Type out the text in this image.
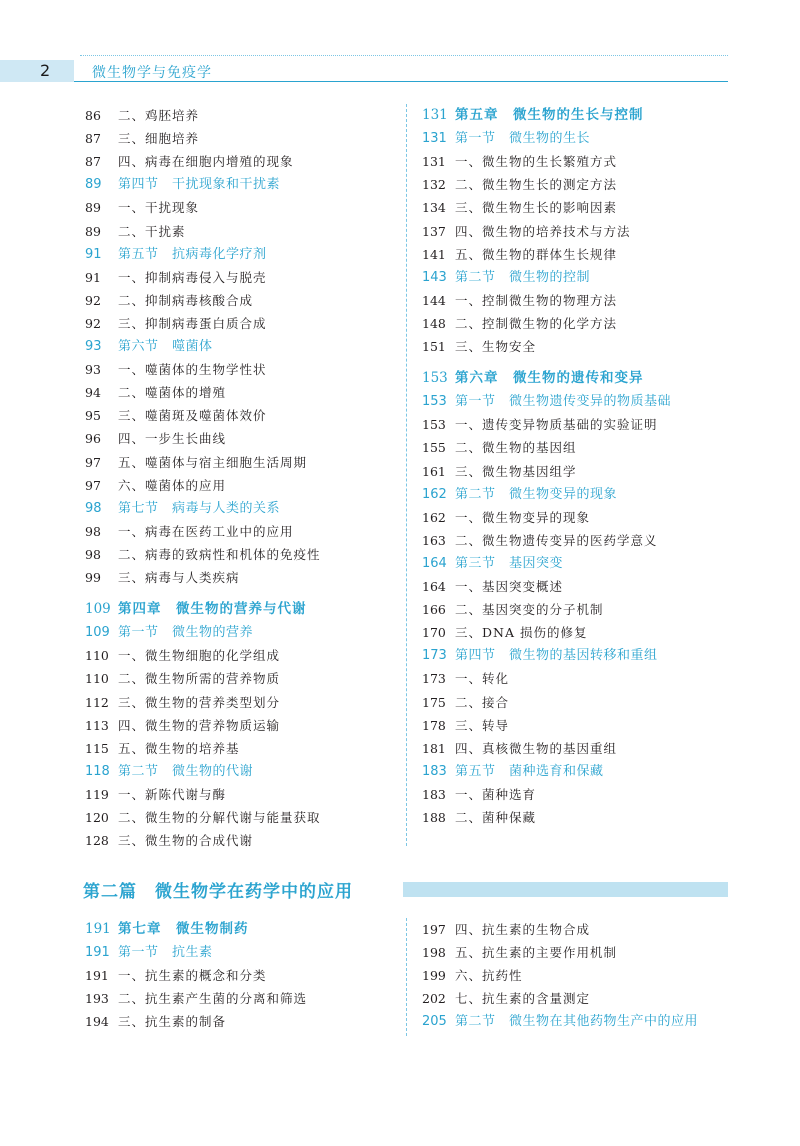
2	微生物学与免疫学
86	二、鸡胚培养
87	三、细胞培养
87	四、病毒在细胞内增殖的现象
89	第四节　干扰现象和干扰素
89	一、干扰现象
89	二、干扰素
91	第五节　抗病毒化学疗剂
91	一、抑制病毒侵入与脱壳
92	二、抑制病毒核酸合成
92	三、抑制病毒蛋白质合成
93	第六节　噬菌体
93	一、噬菌体的生物学性状
94	二、噬菌体的增殖
95	三、噬菌斑及噬菌体效价
96	四、一步生长曲线
97	五、噬菌体与宿主细胞生活周期
97	六、噬菌体的应用
98	第七节　病毒与人类的关系
98	一、病毒在医药工业中的应用
98	二、病毒的致病性和机体的免疫性
99	三、病毒与人类疾病
109 第四章　微生物的营养与代谢
109 第一节　微生物的营养
110 一、微生物细胞的化学组成
110 二、微生物所需的营养物质
112 三、微生物的营养类型划分
113 四、微生物的营养物质运输
115 五、微生物的培养基
118 第二节　微生物的代谢
119 一、新陈代谢与酶
120 二、微生物的分解代谢与能量获取
128 三、微生物的合成代谢
131 第五章　微生物的生长与控制
131 第一节　微生物的生长
131 一、微生物的生长繁殖方式
132 二、微生物生长的测定方法
134 三、微生物生长的影响因素
137 四、微生物的培养技术与方法
141 五、微生物的群体生长规律
143 第二节　微生物的控制
144 一、控制微生物的物理方法
148 二、控制微生物的化学方法
151 三、生物安全
153 第六章　微生物的遗传和变异
153 第一节　微生物遗传变异的物质基础
153 一、遗传变异物质基础的实验证明
155 二、微生物的基因组
161 三、微生物基因组学
162 第二节　微生物变异的现象
162 一、微生物变异的现象
163 二、微生物遗传变异的医药学意义
164 第三节　基因突变
164 一、基因突变概述
166 二、基因突变的分子机制
170 三、DNA 损伤的修复
173 第四节　微生物的基因转移和重组
173 一、转化
175 二、接合
178 三、转导
181 四、真核微生物的基因重组
183 第五节　菌种选育和保藏
183 一、菌种选育
188 二、菌种保藏
第二篇　微生物学在药学中的应用
191 第七章　微生物制药
191 第一节　抗生素
191 一、抗生素的概念和分类
193 二、抗生素产生菌的分离和筛选
194 三、抗生素的制备
197 四、抗生素的生物合成
198 五、抗生素的主要作用机制
199 六、抗药性
202 七、抗生素的含量测定
205 第二节　微生物在其他药物生产中的应用
